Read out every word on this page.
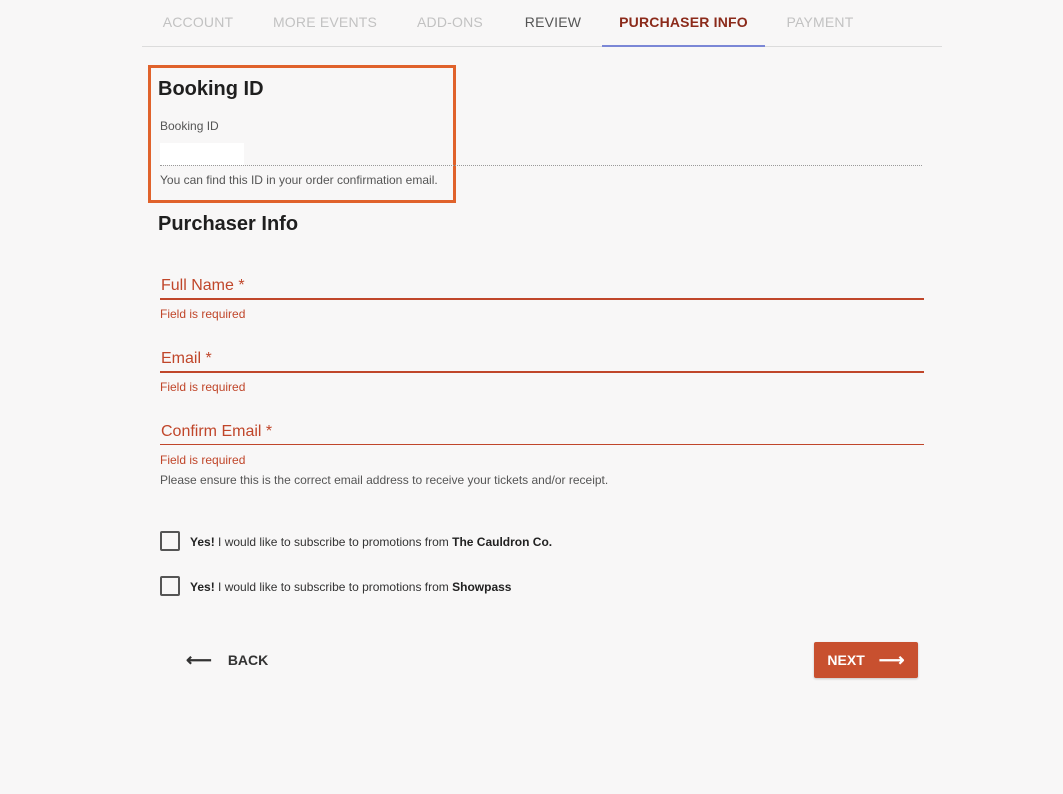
ACCOUNT	MORE EVENTS	ADD-ONS	REVIEW	PURCHASER INFO	PAYMENT
Booking ID
Booking ID
You can find this ID in your order confirmation email.
Purchaser Info
Full Name *
Field is required
Email *
Field is required
Confirm Email *
Field is required
Please ensure this is the correct email address to receive your tickets and/or receipt.
Yes! I would like to subscribe to promotions from The Cauldron Co.
Yes! I would like to subscribe to promotions from Showpass
⟵ BACK	NEXT ⟶
